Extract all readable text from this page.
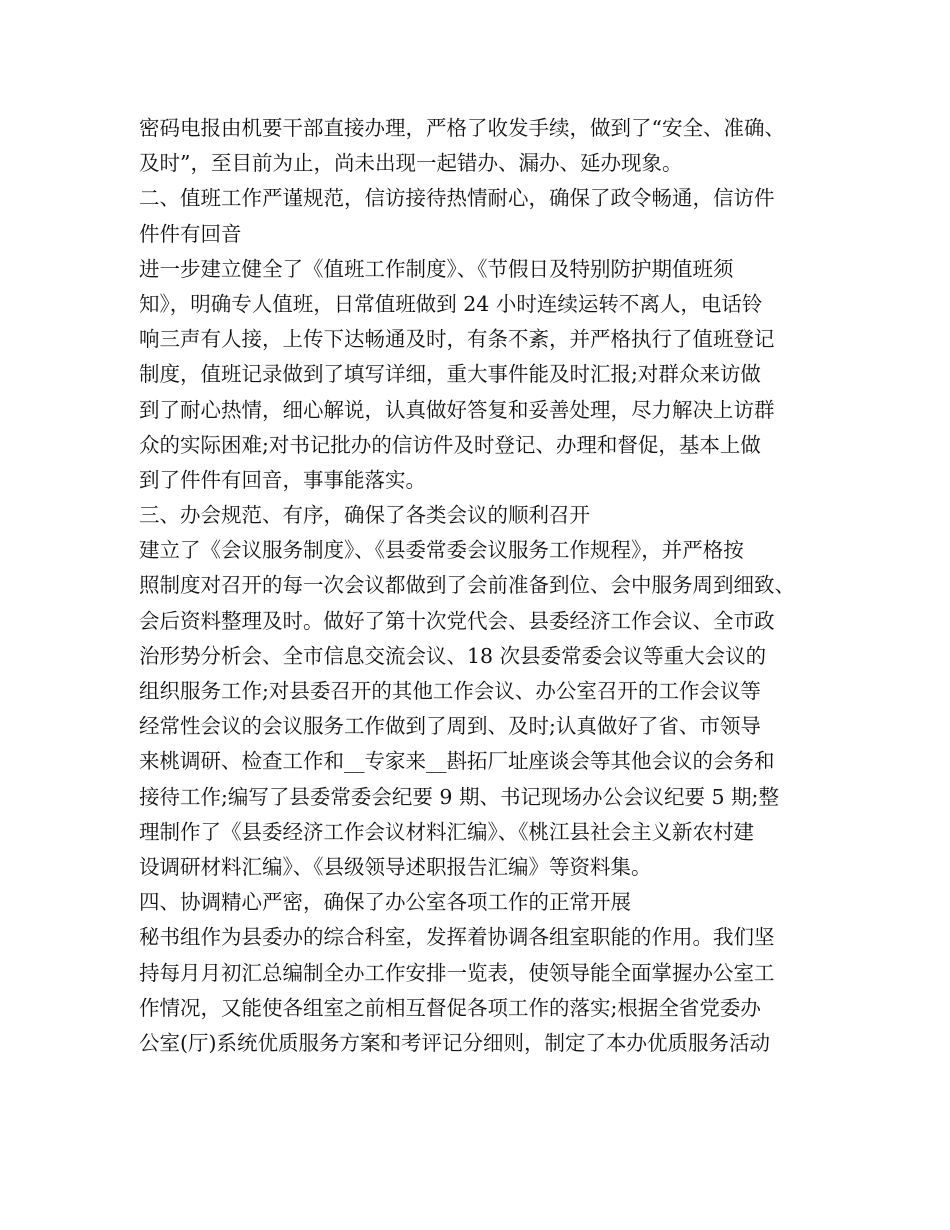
密码电报由机要干部直接办理，严格了收发手续，做到了“安全、准确、
及时”，至目前为止，尚未出现一起错办、漏办、延办现象。
二、值班工作严谨规范，信访接待热情耐心，确保了政令畅通，信访件
件件有回音
进一步建立健全了《值班工作制度》、《节假日及特别防护期值班须
知》，明确专人值班，日常值班做到 24 小时连续运转不离人，电话铃
响三声有人接，上传下达畅通及时，有条不紊，并严格执行了值班登记
制度，值班记录做到了填写详细，重大事件能及时汇报;对群众来访做
到了耐心热情，细心解说，认真做好答复和妥善处理，尽力解决上访群
众的实际困难;对书记批办的信访件及时登记、办理和督促，基本上做
到了件件有回音，事事能落实。
三、办会规范、有序，确保了各类会议的顺利召开
建立了《会议服务制度》、《县委常委会议服务工作规程》，并严格按
照制度对召开的每一次会议都做到了会前准备到位、会中服务周到细致、
会后资料整理及时。做好了第十次党代会、县委经济工作会议、全市政
治形势分析会、全市信息交流会议、18 次县委常委会议等重大会议的
组织服务工作;对县委召开的其他工作会议、办公室召开的工作会议等
经常性会议的会议服务工作做到了周到、及时;认真做好了省、市领导
来桃调研、检查工作和__专家来__斟拓厂址座谈会等其他会议的会务和
接待工作;编写了县委常委会纪要 9 期、书记现场办公会议纪要 5 期;整
理制作了《县委经济工作会议材料汇编》、《桃江县社会主义新农村建
设调研材料汇编》、《县级领导述职报告汇编》等资料集。
四、协调精心严密，确保了办公室各项工作的正常开展
秘书组作为县委办的综合科室，发挥着协调各组室职能的作用。我们坚
持每月月初汇总编制全办工作安排一览表，使领导能全面掌握办公室工
作情况，又能使各组室之前相互督促各项工作的落实;根据全省党委办
公室(厅)系统优质服务方案和考评记分细则，制定了本办优质服务活动
